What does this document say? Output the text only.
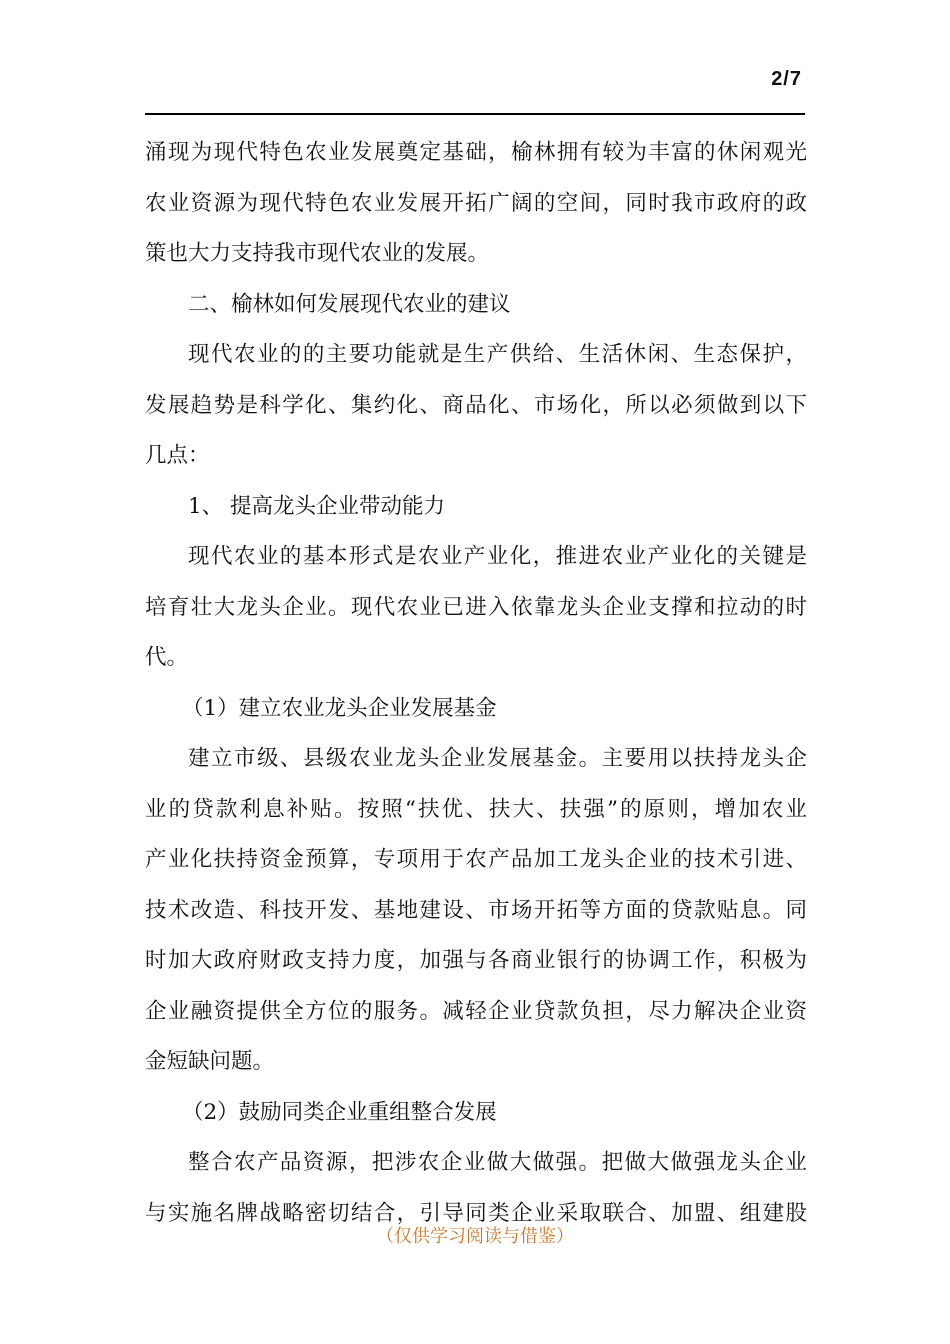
2/7
涌现为现代特色农业发展奠定基础，榆林拥有较为丰富的休闲观光
农业资源为现代特色农业发展开拓广阔的空间，同时我市政府的政
策也大力支持我市现代农业的发展。
二、榆林如何发展现代农业的建议
现代农业的的主要功能就是生产供给、生活休闲、生态保护，
发展趋势是科学化、集约化、商品化、市场化，所以必须做到以下
几点：
1、 提高龙头企业带动能力
现代农业的基本形式是农业产业化，推进农业产业化的关键是
培育壮大龙头企业。现代农业已进入依靠龙头企业支撑和拉动的时
代。
（1）建立农业龙头企业发展基金
建立市级、县级农业龙头企业发展基金。主要用以扶持龙头企
业的贷款利息补贴。按照“扶优、扶大、扶强”的原则，增加农业
产业化扶持资金预算，专项用于农产品加工龙头企业的技术引进、
技术改造、科技开发、基地建设、市场开拓等方面的贷款贴息。同
时加大政府财政支持力度，加强与各商业银行的协调工作，积极为
企业融资提供全方位的服务。减轻企业贷款负担，尽力解决企业资
金短缺问题。
（2）鼓励同类企业重组整合发展
整合农产品资源，把涉农企业做大做强。把做大做强龙头企业
与实施名牌战略密切结合，引导同类企业采取联合、加盟、组建股
（仅供学习阅读与借鉴）
